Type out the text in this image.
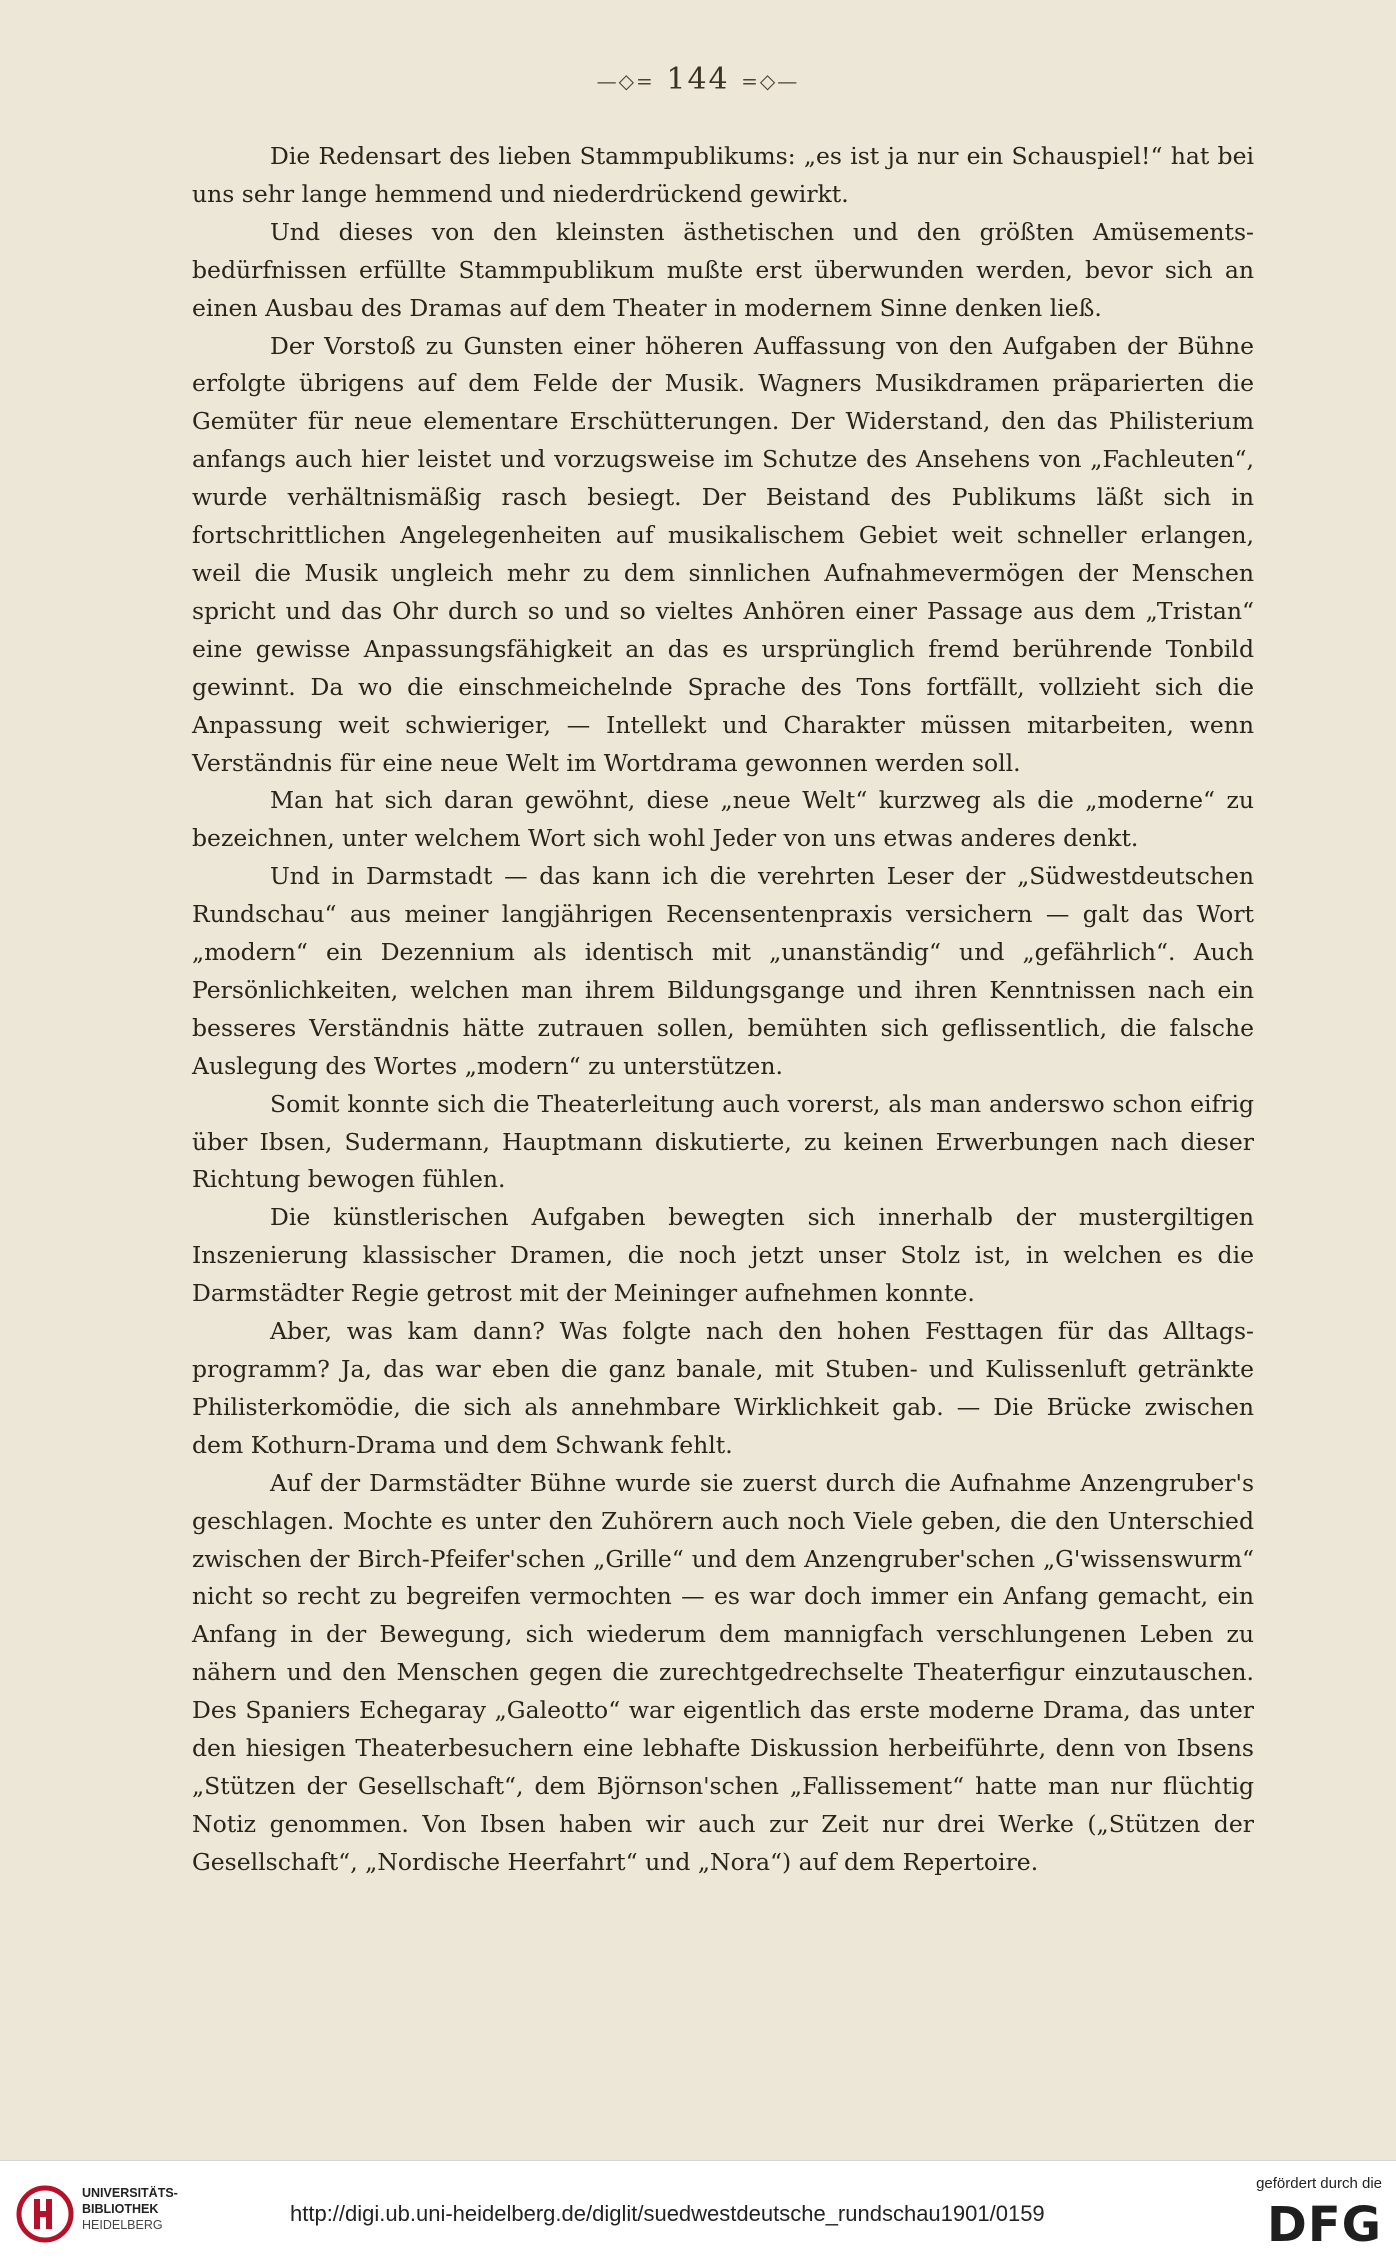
—◇= 144 =◇—

Die Redensart des lieben Stammpublikums: „es ist ja nur ein Schauspiel!“ hat bei uns sehr lange hemmend und niederdrückend gewirkt.

Und dieses von den kleinsten ästhetischen und den größten Amüsementsbedürfnissen erfüllte Stammpublikum mußte erst überwunden werden, bevor sich an einen Ausbau des Dramas auf dem Theater in modernem Sinne denken ließ.

Der Vorstoß zu Gunsten einer höheren Auffassung von den Aufgaben der Bühne erfolgte übrigens auf dem Felde der Musik. Wagners Musikdramen präparierten die Gemüter für neue elementare Erschütterungen. Der Widerstand, den das Philisterium anfangs auch hier leistet und vorzugsweise im Schutze des Ansehens von „Fachleuten“, wurde verhältnismäßig rasch besiegt. Der Beistand des Publikums läßt sich in fortschrittlichen Angelegenheiten auf musikalischem Gebiet weit schneller erlangen, weil die Musik ungleich mehr zu dem sinnlichen Aufnahmevermögen der Menschen spricht und das Ohr durch so und so vieltes Anhören einer Passage aus dem „Tristan“ eine gewisse Anpassungsfähigkeit an das es ursprünglich fremd berührende Tonbild gewinnt. Da wo die einschmeichelnde Sprache des Tons fortfällt, vollzieht sich die Anpassung weit schwieriger, — Intellekt und Charakter müssen mitarbeiten, wenn Verständnis für eine neue Welt im Wortdrama gewonnen werden soll.

Man hat sich daran gewöhnt, diese „neue Welt“ kurzweg als die „moderne“ zu bezeichnen, unter welchem Wort sich wohl Jeder von uns etwas anderes denkt.

Und in Darmstadt — das kann ich die verehrten Leser der „Südwestdeutschen Rundschau“ aus meiner langjährigen Recensentenpraxis versichern — galt das Wort „modern“ ein Dezennium als identisch mit „unanständig“ und „gefährlich“. Auch Persönlichkeiten, welchen man ihrem Bildungsgange und ihren Kenntnissen nach ein besseres Verständnis hätte zutrauen sollen, bemühten sich geflissentlich, die falsche Auslegung des Wortes „modern“ zu unterstützen.

Somit konnte sich die Theaterleitung auch vorerst, als man anderswo schon eifrig über Ibsen, Sudermann, Hauptmann diskutierte, zu keinen Erwerbungen nach dieser Richtung bewogen fühlen.

Die künstlerischen Aufgaben bewegten sich innerhalb der mustergiltigen Inszenierung klassischer Dramen, die noch jetzt unser Stolz ist, in welchen es die Darmstädter Regie getrost mit der Meininger aufnehmen konnte.

Aber, was kam dann? Was folgte nach den hohen Festtagen für das Alltagsprogramm? Ja, das war eben die ganz banale, mit Stuben- und Kulissenluft getränkte Philisterkomödie, die sich als annehmbare Wirklichkeit gab. — Die Brücke zwischen dem Kothurn-Drama und dem Schwank fehlt.

Auf der Darmstädter Bühne wurde sie zuerst durch die Aufnahme Anzengruber's geschlagen. Mochte es unter den Zuhörern auch noch Viele geben, die den Unterschied zwischen der Birch-Pfeifer'schen „Grille“ und dem Anzengruber'schen „G'wissenswurm“ nicht so recht zu begreifen vermochten — es war doch immer ein Anfang gemacht, ein Anfang in der Bewegung, sich wiederum dem mannigfach verschlungenen Leben zu nähern und den Menschen gegen die zurechtgedrechselte Theaterfigur einzutauschen. Des Spaniers Echegaray „Galeotto“ war eigentlich das erste moderne Drama, das unter den hiesigen Theaterbesuchern eine lebhafte Diskussion herbeiführte, denn von Ibsens „Stützen der Gesellschaft“, dem Björnson'schen „Fallissement“ hatte man nur flüchtig Notiz genommen. Von Ibsen haben wir auch zur Zeit nur drei Werke („Stützen der Gesellschaft“, „Nordische Heerfahrt“ und „Nora“) auf dem Repertoire.

UNIVERSITÄTS-
BIBLIOTHEK
HEIDELBERG	http://digi.ub.uni-heidelberg.de/diglit/suedwestdeutsche_rundschau1901/0159
gefördert durch die
DFG
